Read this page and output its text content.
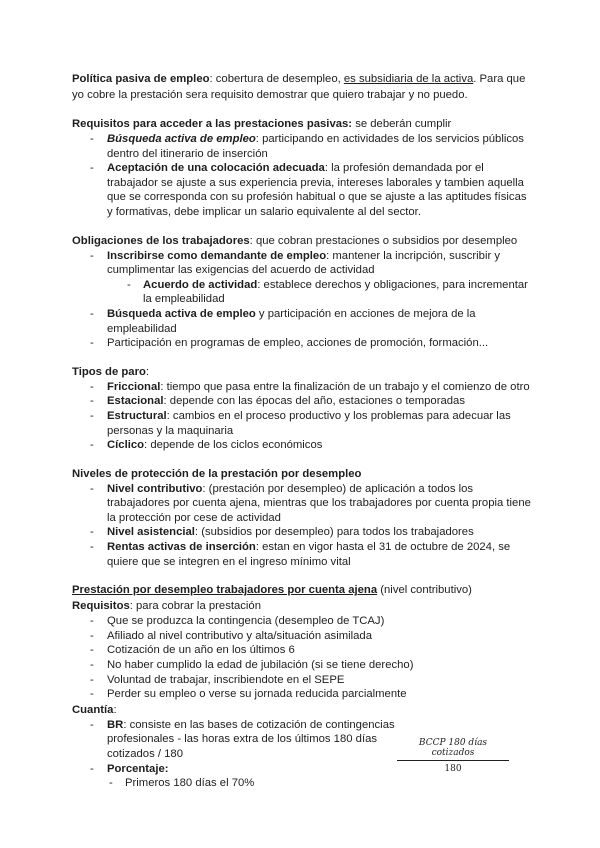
Política pasiva de empleo: cobertura de desempleo, es subsidiaria de la activa. Para que yo cobre la prestación sera requisito demostrar que quiero trabajar y no puedo.

Requisitos para acceder a las prestaciones pasivas: se deberán cumplir

- Búsqueda activa de empleo: participando en actividades de los servicios públicos dentro del itinerario de inserción
- Aceptación de una colocación adecuada: la profesión demandada por el trabajador se ajuste a sus experiencia previa, intereses laborales y tambien aquella que se corresponda con su profesión habitual o que se ajuste a las aptitudes físicas y formativas, debe implicar un salario equivalente al del sector.

Obligaciones de los trabajadores: que cobran prestaciones o subsidios por desempleo

- Inscribirse como demandante de empleo: mantener la incripción, suscribir y cumplimentar las exigencias del acuerdo de actividad
- Acuerdo de actividad: establece derechos y obligaciones, para incrementar la empleabilidad
- Búsqueda activa de empleo y participación en acciones de mejora de la empleabilidad
- Participación en programas de empleo, acciones de promoción, formación...

Tipos de paro:

- Friccional: tiempo que pasa entre la finalización de un trabajo y el comienzo de otro
- Estacional: depende con las épocas del año, estaciones o temporadas
- Estructural: cambios en el proceso productivo y los problemas para adecuar las personas y la maquinaria
- Cíclico: depende de los ciclos económicos

Niveles de protección de la prestación por desempleo

- Nivel contributivo: (prestación por desempleo) de aplicación a todos los trabajadores por cuenta ajena, mientras que los trabajadores por cuenta propia tiene la protección por cese de actividad
- Nivel asistencial: (subsidios por desempleo) para todos los trabajadores
- Rentas activas de inserción: estan en vigor hasta el 31 de octubre de 2024, se quiere que se integren en el ingreso mínimo vital

Prestación por desempleo trabajadores por cuenta ajena (nivel contributivo)

Requisitos: para cobrar la prestación

- Que se produzca la contingencia (desempleo de TCAJ)
- Afiliado al nivel contributivo y alta/situación asimilada
- Cotización de un año en los últimos 6
- No haber cumplido la edad de jubilación (si se tiene derecho)
- Voluntad de trabajar, inscribiendote en el SEPE
- Perder su empleo o verse su jornada reducida parcialmente

Cuantía:

- BR: consiste en las bases de cotización de contingencias profesionales - las horas extra de los últimos 180 días cotizados / 180
- Porcentaje:
- Primeros 180 días el 70%
BCCP 180 días cotizados
180
